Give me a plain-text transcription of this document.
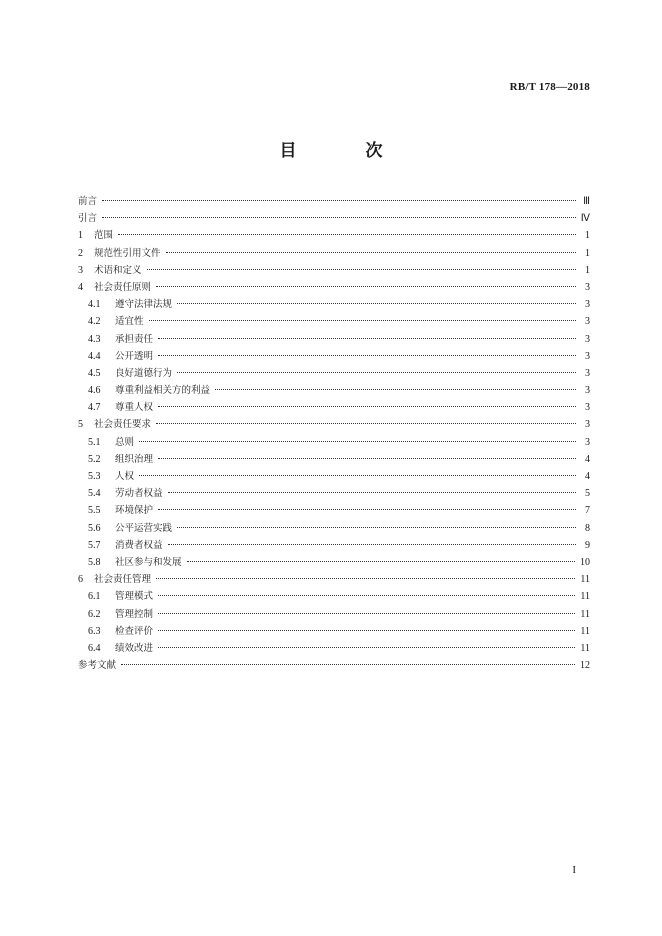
RB/T 178—2018
目　次
前言	Ⅲ
引言	Ⅳ
1	范围	1
2	规范性引用文件	1
3	术语和定义	1
4	社会责任原则	3
4.1	遵守法律法规	3
4.2	适宜性	3
4.3	承担责任	3
4.4	公开透明	3
4.5	良好道德行为	3
4.6	尊重利益相关方的利益	3
4.7	尊重人权	3
5	社会责任要求	3
5.1	总则	3
5.2	组织治理	4
5.3	人权	4
5.4	劳动者权益	5
5.5	环境保护	7
5.6	公平运营实践	8
5.7	消费者权益	9
5.8	社区参与和发展	10
6	社会责任管理	11
6.1	管理模式	11
6.2	管理控制	11
6.3	检查评价	11
6.4	绩效改进	11
参考文献	12
I
